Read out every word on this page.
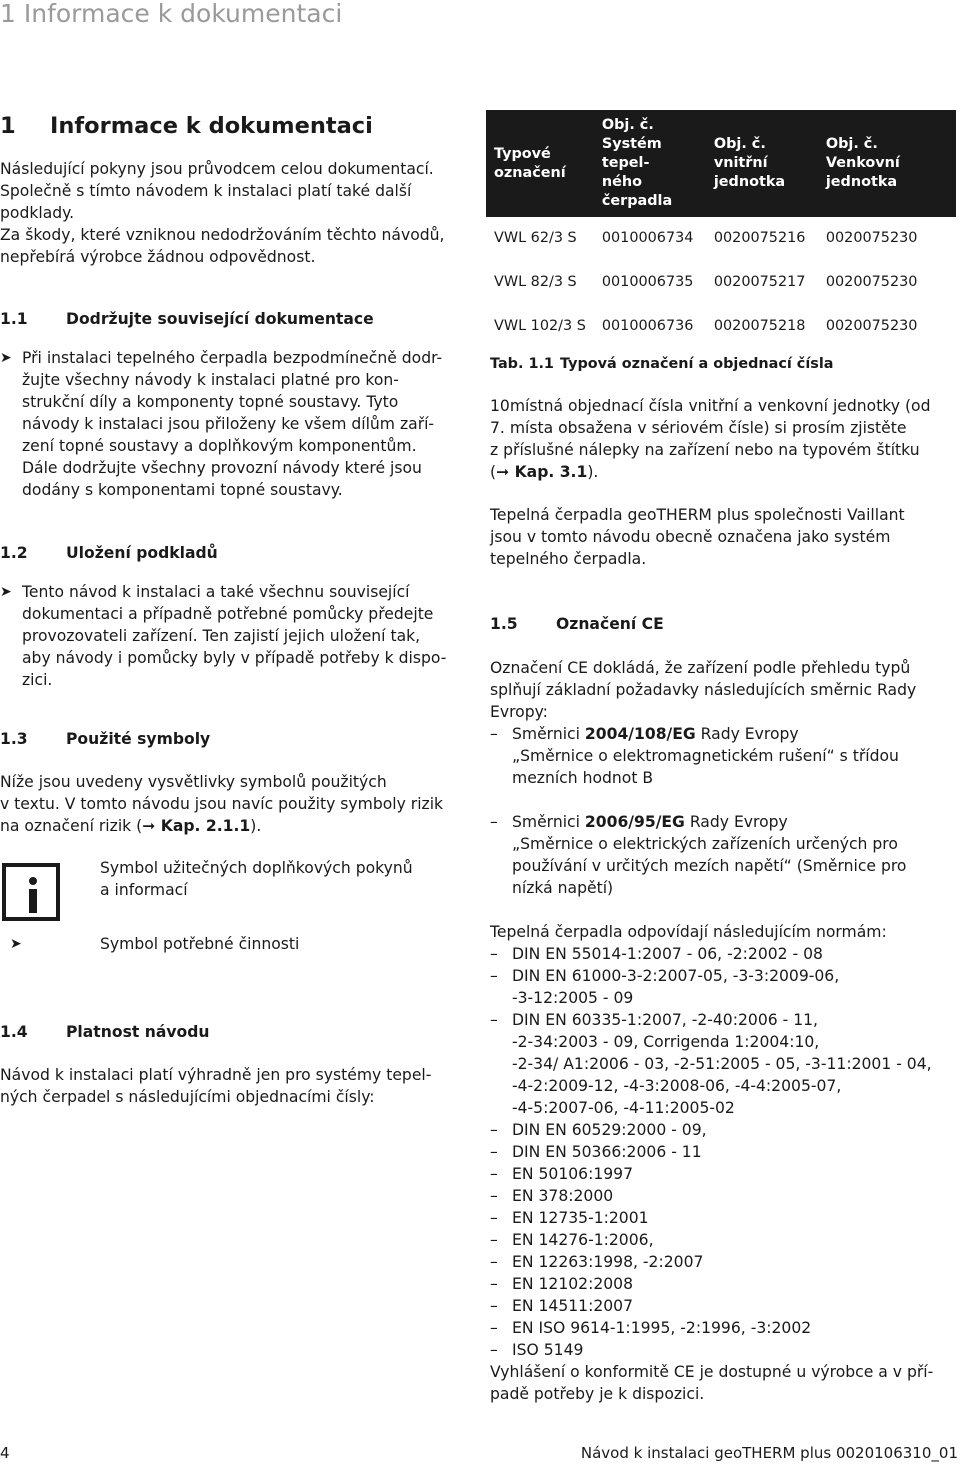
1 Informace k dokumentaci
1 Informace k dokumentaci

Následující pokyny jsou průvodcem celou dokumentací.
Společně s tímto návodem k instalaci platí také další
podklady.
Za škody, které vzniknou nedodržováním těchto návodů,
nepřebírá výrobce žádnou odpovědnost.

1.1 Dodržujte související dokumentace
➤ Při instalaci tepelného čerpadla bezpodmínečně dodr-
žujte všechny návody k instalaci platné pro kon-
strukční díly a komponenty topné soustavy. Tyto
návody k instalaci jsou přiloženy ke všem dílům zaří-
zení topné soustavy a doplňkovým komponentům.
Dále dodržujte všechny provozní návody které jsou
dodány s komponentami topné soustavy.
1.2 Uložení podkladů
➤ Tento návod k instalaci a také všechnu související
dokumentaci a případně potřebné pomůcky předejte
provozovateli zařízení. Ten zajistí jejich uložení tak,
aby návody i pomůcky byly v případě potřeby k dispo-
zici.
1.3 Použité symboly

Níže jsou uvedeny vysvětlivky symbolů použitých
v textu. V tomto návodu jsou navíc použity symboly rizik
na označení rizik (➞ Kap. 2.1.1).

Symbol užitečných doplňkových pokynů
a informací
➤	Symbol potřebné činnosti
1.4 Platnost návodu

Návod k instalaci platí výhradně jen pro systémy tepel-
ných čerpadel s následujícími objednacími čísly:

Typové
označení	Obj. č.
Systém tepel-
ného čerpadla	Obj. č.
vnitřní
jednotka	Obj. č.
Venkovní
jednotka
VWL 62/3 S	0010006734	0020075216	0020075230
VWL 82/3 S	0010006735	0020075217	0020075230
VWL 102/3 S	0010006736	0020075218	0020075230
Tab. 1.1 Typová označení a objednací čísla

10místná objednací čísla vnitřní a venkovní jednotky (od
7. místa obsažena v sériovém čísle) si prosím zjistěte
z příslušné nálepky na zařízení nebo na typovém štítku
(➞ Kap. 3.1).

Tepelná čerpadla geoTHERM plus společnosti Vaillant
jsou v tomto návodu obecně označena jako systém
tepelného čerpadla.

1.5 Označení CE

Označení CE dokládá, že zařízení podle přehledu typů
splňují základní požadavky následujících směrnic Rady
Evropy:

– Směrnici 2004/108/EG Rady Evropy
„Směrnice o elektromagnetickém rušení“ s třídou
mezních hodnot B
– Směrnici 2006/95/EG Rady Evropy
„Směrnice o elektrických zařízeních určených pro
používání v určitých mezích napětí“ (Směrnice pro
nízká napětí)

Tepelná čerpadla odpovídají následujícím normám:

– DIN EN 55014-1:2007 - 06, -2:2002 - 08
– DIN EN 61000-3-2:2007-05, -3-3:2009-06,
-3-12:2005 - 09
– DIN EN 60335-1:2007, -2-40:2006 - 11,
-2-34:2003 - 09, Corrigenda 1:2004:10,
-2-34/ A1:2006 - 03, -2-51:2005 - 05, -3-11:2001 - 04,
-4-2:2009-12, -4-3:2008-06, -4-4:2005-07,
-4-5:2007-06, -4-11:2005-02
– DIN EN 60529:2000 - 09,
– DIN EN 50366:2006 - 11
– EN 50106:1997
– EN 378:2000
– EN 12735-1:2001
– EN 14276-1:2006,
– EN 12263:1998, -2:2007
– EN 12102:2008
– EN 14511:2007
– EN ISO 9614-1:1995, -2:1996, -3:2002
– ISO 5149

Vyhlášení o konformitě CE je dostupné u výrobce a v pří-
padě potřeby je k dispozici.

4	Návod k instalaci geoTHERM plus 0020106310_01
